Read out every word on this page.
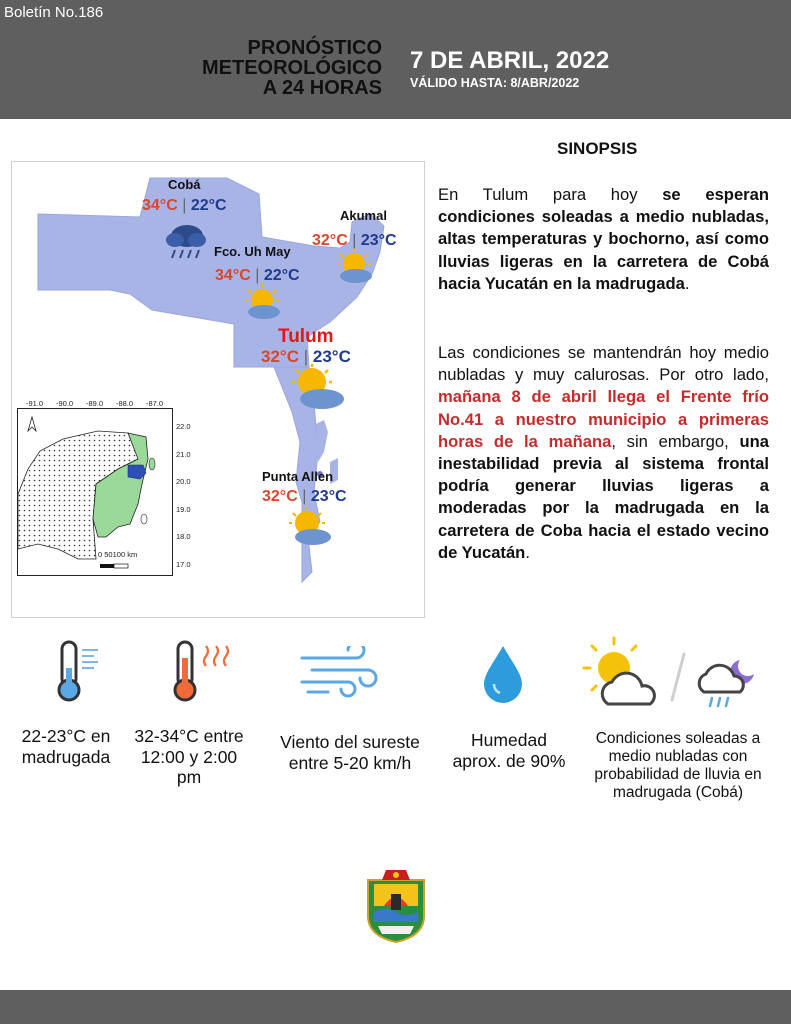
Boletín No.186
PRONÓSTICO
METEOROLÓGICO
A 24 HORAS
7 DE ABRIL, 2022
VÁLIDO HASTA: 8/ABR/2022
Cobá
34°C | 22°C
Akumal
32°C | 23°C
Fco. Uh May
34°C | 22°C
Tulum
32°C | 23°C
Punta Allen
32°C | 23°C
-91.0 -90.0 -89.0 -88.0 -87.0
22.0
21.0
20.0
19.0
18.0
17.0
0 50100 km
SINOPSIS
En Tulum para hoy se esperan condiciones soleadas a medio nubladas, altas temperaturas y bochorno, así como lluvias ligeras en la carretera de Cobá hacia Yucatán en la madrugada.
Las condiciones se mantendrán hoy medio nubladas y muy calurosas. Por otro lado, mañana 8 de abril llega el Frente frío No.41 a nuestro municipio a primeras horas de la mañana, sin embargo, una inestabilidad previa al sistema frontal podría generar lluvias ligeras a moderadas por la madrugada en la carretera de Coba hacia el estado vecino de Yucatán.
22-23°C en madrugada
32-34°C entre 12:00 y 2:00 pm
Viento del sureste entre 5-20 km/h
Humedad aprox. de 90%
Condiciones soleadas a medio nubladas con probabilidad de lluvia en madrugada (Cobá)
